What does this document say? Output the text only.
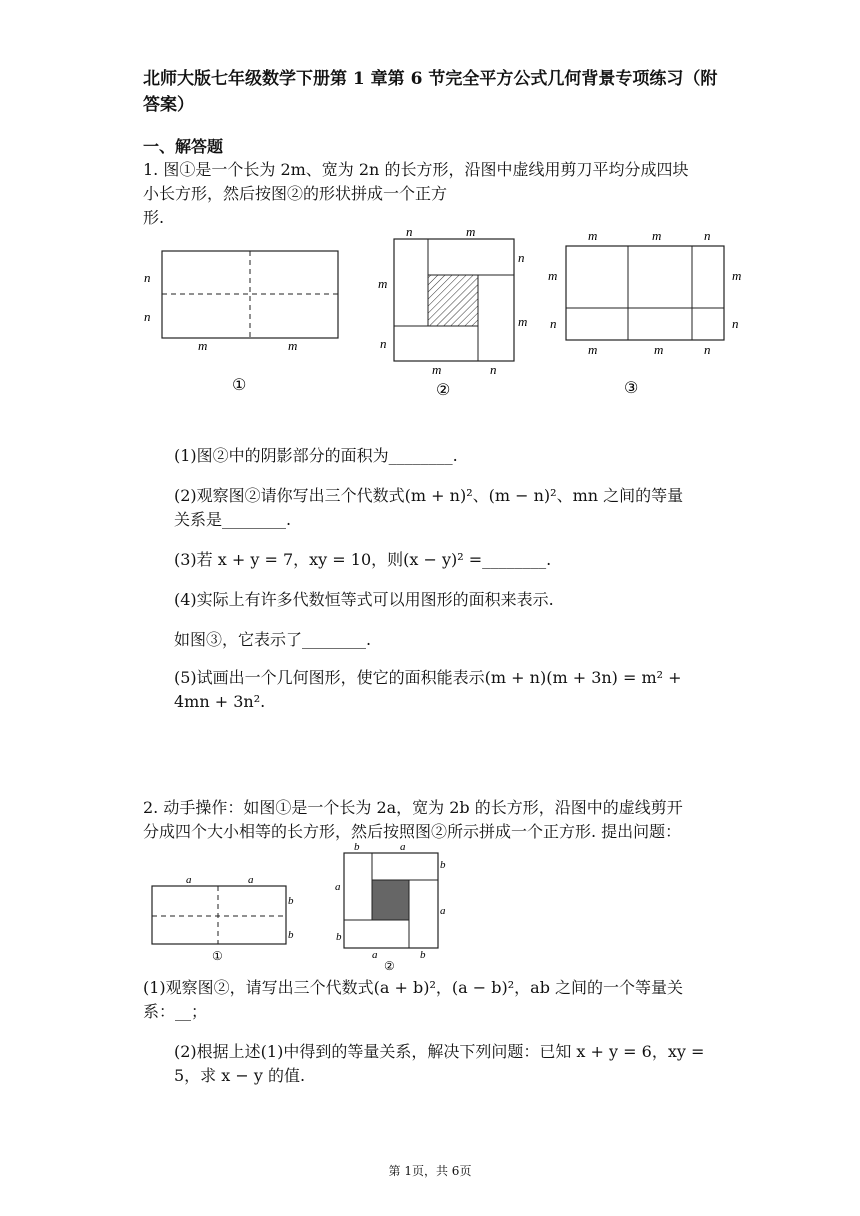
北师大版七年级数学下册第 1 章第 6 节完全平方公式几何背景专项练习（附答案）
一、解答题
1. 图①是一个长为 2m、宽为 2n 的长方形，沿图中虚线用剪刀平均分成四块
小长方形，然后按图②的形状拼成一个正方
形.
n
n
m	m
①
n	m
n
m
m
n
m	n
②
m	m	n
m	m
n	n
m	m	n
③
(1)图②中的阴影部分的面积为________.
(2)观察图②请你写出三个代数式(m + n)²、(m − n)²、mn 之间的等量
关系是________.
(3)若 x + y = 7，xy = 10，则(x − y)² =________.
(4)实际上有许多代数恒等式可以用图形的面积来表示.
如图③，它表示了________.
(5)试画出一个几何图形，使它的面积能表示(m + n)(m + 3n) = m² +
4mn + 3n².
2. 动手操作：如图①是一个长为 2a，宽为 2b 的长方形，沿图中的虚线剪开
分成四个大小相等的长方形，然后按照图②所示拼成一个正方形. 提出问题：
a	a
b
b
①
b	a
b
a
a
b
a	b
②
(1)观察图②，请写出三个代数式(a + b)²，(a − b)²，ab 之间的一个等量关
系：__；
(2)根据上述(1)中得到的等量关系，解决下列问题：已知 x + y = 6，xy =
5，求 x − y 的值.
第 1页，共 6页
